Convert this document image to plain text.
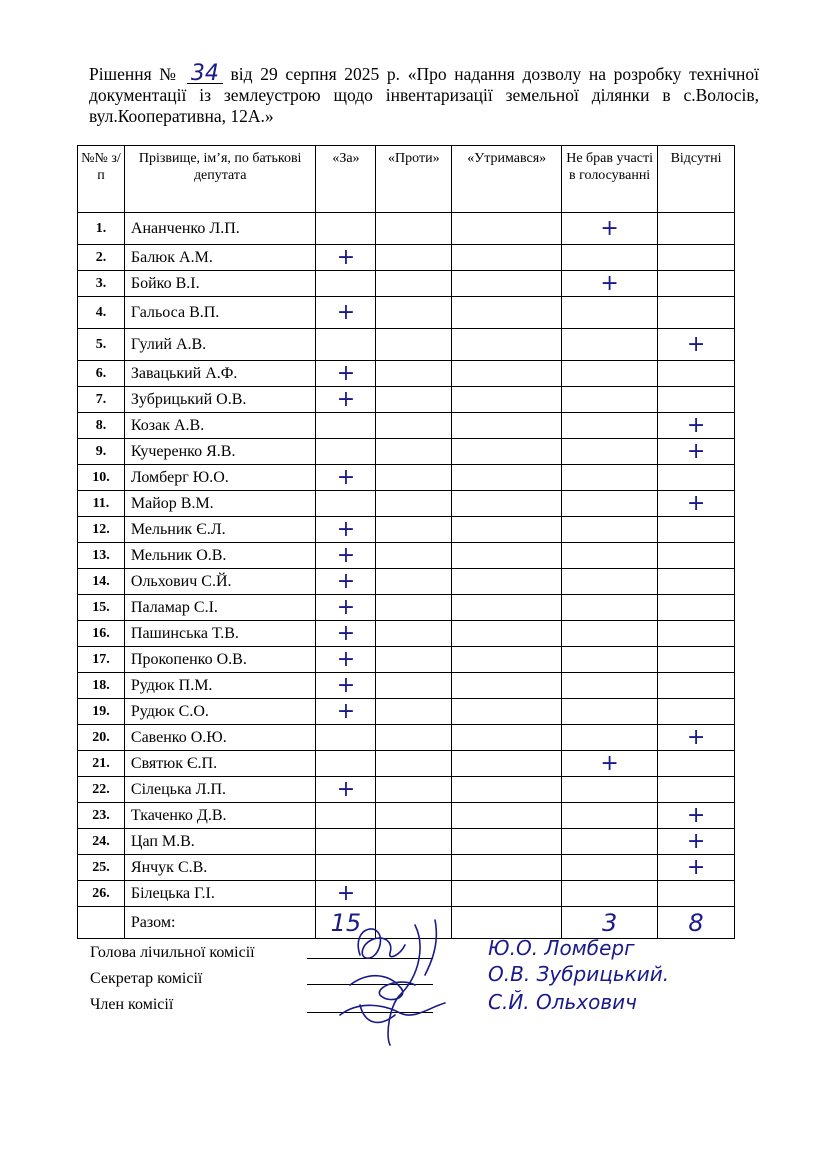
Рішення № 34 від 29 серпня 2025 р. «Про надання дозволу на розробку технічної документації із землеустрою щодо інвентаризації земельної ділянки в с.Волосів, вул.Кооперативна, 12А.»
№№ з/п	Прізвище, ім’я, по батькові депутата	«За»	«Проти»	«Утримався»	Не брав участі в голосуванні	Відсутні
1.	Ананченко Л.П.				+	
2.	Балюк А.М.	+				
3.	Бойко В.І.				+	
4.	Гальоса В.П.	+				
5.	Гулий А.В.					+
6.	Завацький А.Ф.	+				
7.	Зубрицький О.В.	+				
8.	Козак А.В.					+
9.	Кучеренко Я.В.					+
10.	Ломберг Ю.О.	+				
11.	Майор В.М.					+
12.	Мельник Є.Л.	+				
13.	Мельник О.В.	+				
14.	Ольхович С.Й.	+				
15.	Паламар С.І.	+				
16.	Пашинська Т.В.	+				
17.	Прокопенко О.В.	+				
18.	Рудюк П.М.	+				
19.	Рудюк С.О.	+				
20.	Савенко О.Ю.					+
21.	Святюк Є.П.				+	
22.	Сілецька Л.П.	+				
23.	Ткаченко Д.В.					+
24.	Цап М.В.					+
25.	Янчук С.В.					+
26.	Білецька Г.І.	+				
	Разом:	15			3	8
Голова лічильної комісії	Ю.О. Ломберг
Секретар комісії	О.В. Зубрицький.
Член комісії	С.Й. Ольхович
